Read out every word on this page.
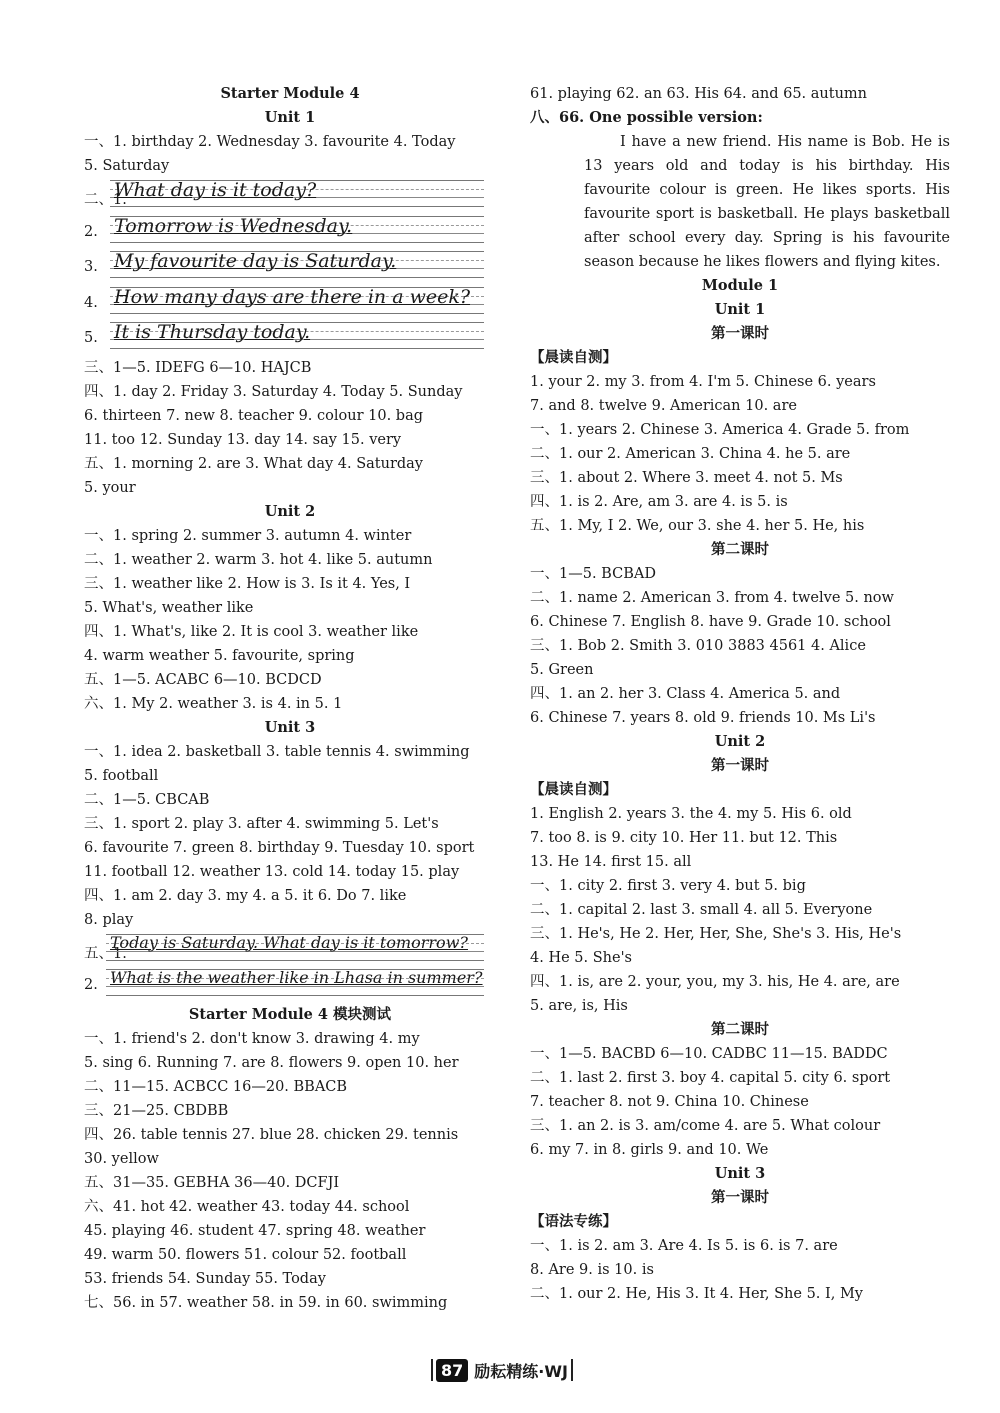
Starter Module 4
Unit 1
一、1. birthday 2. Wednesday 3. favourite 4. Today
5. Saturday
二、1.
What day is it today?
2. Tomorrow is Wednesday.
3. My favourite day is Saturday.
4. How many days are there in a week?
5. It is Thursday today.
三、1—5. IDEFG 6—10. HAJCB
四、1. day 2. Friday 3. Saturday 4. Today 5. Sunday
6. thirteen 7. new 8. teacher 9. colour 10. bag
11. too 12. Sunday 13. day 14. say 15. very
五、1. morning 2. are 3. What day 4. Saturday
5. your
Unit 2
一、1. spring 2. summer 3. autumn 4. winter
二、1. weather 2. warm 3. hot 4. like 5. autumn
三、1. weather like 2. How is 3. Is it 4. Yes, I
5. What's, weather like
四、1. What's, like 2. It is cool 3. weather like
4. warm weather 5. favourite, spring
五、1—5. ACABC 6—10. BCDCD
六、1. My 2. weather 3. is 4. in 5. 1
Unit 3
一、1. idea 2. basketball 3. table tennis 4. swimming
5. football
二、1—5. CBCAB
三、1. sport 2. play 3. after 4. swimming 5. Let's
6. favourite 7. green 8. birthday 9. Tuesday 10. sport
11. football 12. weather 13. cold 14. today 15. play
四、1. am 2. day 3. my 4. a 5. it 6. Do 7. like
8. play
五、1.
Today is Saturday. What day is it tomorrow?
2. What is the weather like in Lhasa in summer?
Starter Module 4 模块测试
一、1. friend's 2. don't know 3. drawing 4. my
5. sing 6. Running 7. are 8. flowers 9. open 10. her
二、11—15. ACBCC 16—20. BBACB
三、21—25. CBDBB
四、26. table tennis 27. blue 28. chicken 29. tennis
30. yellow
五、31—35. GEBHA 36—40. DCFJI
六、41. hot 42. weather 43. today 44. school
45. playing 46. student 47. spring 48. weather
49. warm 50. flowers 51. colour 52. football
53. friends 54. Sunday 55. Today
七、56. in 57. weather 58. in 59. in 60. swimming
61. playing 62. an 63. His 64. and 65. autumn
八、66. One possible version:

I have a new friend. His name is Bob. He is 13 years old and today is his birthday. His favourite colour is green. He likes sports. His favourite sport is basketball. He plays basketball after school every day. Spring is his favourite season because he likes flowers and flying kites.

Module 1
Unit 1
第一课时
【晨读自测】
1. your 2. my 3. from 4. I'm 5. Chinese 6. years
7. and 8. twelve 9. American 10. are
一、1. years 2. Chinese 3. America 4. Grade 5. from
二、1. our 2. American 3. China 4. he 5. are
三、1. about 2. Where 3. meet 4. not 5. Ms
四、1. is 2. Are, am 3. are 4. is 5. is
五、1. My, I 2. We, our 3. she 4. her 5. He, his
第二课时
一、1—5. BCBAD
二、1. name 2. American 3. from 4. twelve 5. now
6. Chinese 7. English 8. have 9. Grade 10. school
三、1. Bob 2. Smith 3. 010 3883 4561 4. Alice
5. Green
四、1. an 2. her 3. Class 4. America 5. and
6. Chinese 7. years 8. old 9. friends 10. Ms Li's
Unit 2
第一课时
【晨读自测】
1. English 2. years 3. the 4. my 5. His 6. old
7. too 8. is 9. city 10. Her 11. but 12. This
13. He 14. first 15. all
一、1. city 2. first 3. very 4. but 5. big
二、1. capital 2. last 3. small 4. all 5. Everyone
三、1. He's, He 2. Her, Her, She, She's 3. His, He's
4. He 5. She's
四、1. is, are 2. your, you, my 3. his, He 4. are, are
5. are, is, His
第二课时
一、1—5. BACBD 6—10. CADBC 11—15. BADDC
二、1. last 2. first 3. boy 4. capital 5. city 6. sport
7. teacher 8. not 9. China 10. Chinese
三、1. an 2. is 3. am/come 4. are 5. What colour
6. my 7. in 8. girls 9. and 10. We
Unit 3
第一课时
【语法专练】
一、1. is 2. am 3. Are 4. Is 5. is 6. is 7. are
8. Are 9. is 10. is
二、1. our 2. He, His 3. It 4. Her, She 5. I, My
87 励耘精练·WJ
